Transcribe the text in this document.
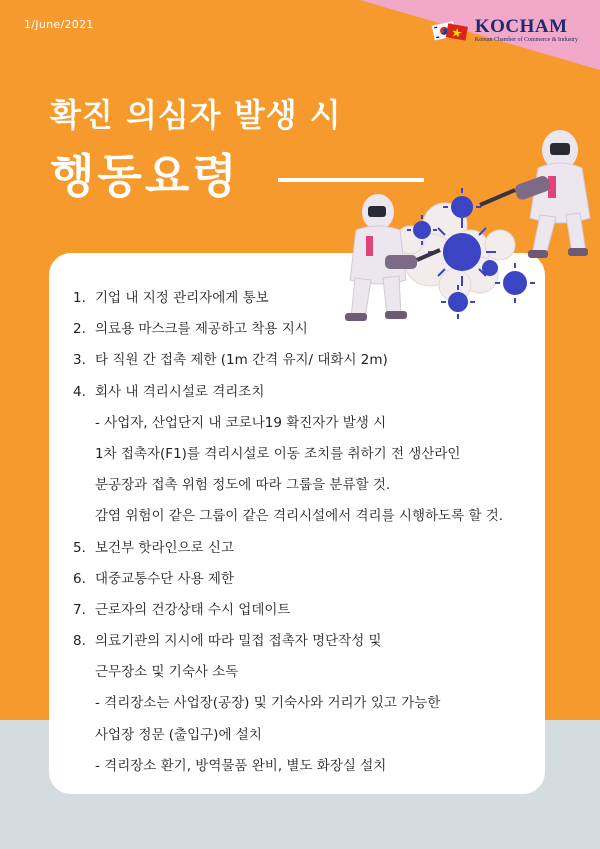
1/June/2021	KOCHAM
Korean Chamber of Commerce & Industry
확진 의심자 발생 시
행동요령
1. 기업 내 지정 관리자에게 통보
2. 의료용 마스크를 제공하고 착용 지시
3. 타 직원 간 접촉 제한 (1m 간격 유지/ 대화시 2m)
4. 회사 내 격리시설로 격리조치
- 사업자, 산업단지 내 코로나19 확진자가 발생 시
1차 접촉자(F1)를 격리시설로 이동 조치를 취하기 전 생산라인
분공장과 접촉 위험 정도에 따라 그룹을 분류할 것.
감염 위험이 같은 그룹이 같은 격리시설에서 격리를 시행하도록 할 것.
5. 보건부 핫라인으로 신고
6. 대중교통수단 사용 제한
7. 근로자의 건강상태 수시 업데이트
8. 의료기관의 지시에 따라 밀접 접촉자 명단작성 및
근무장소 및 기숙사 소독
- 격리장소는 사업장(공장) 및 기숙사와 거리가 있고 가능한
사업장 정문 (출입구)에 설치
- 격리장소 환기, 방역물품 완비, 별도 화장실 설치
